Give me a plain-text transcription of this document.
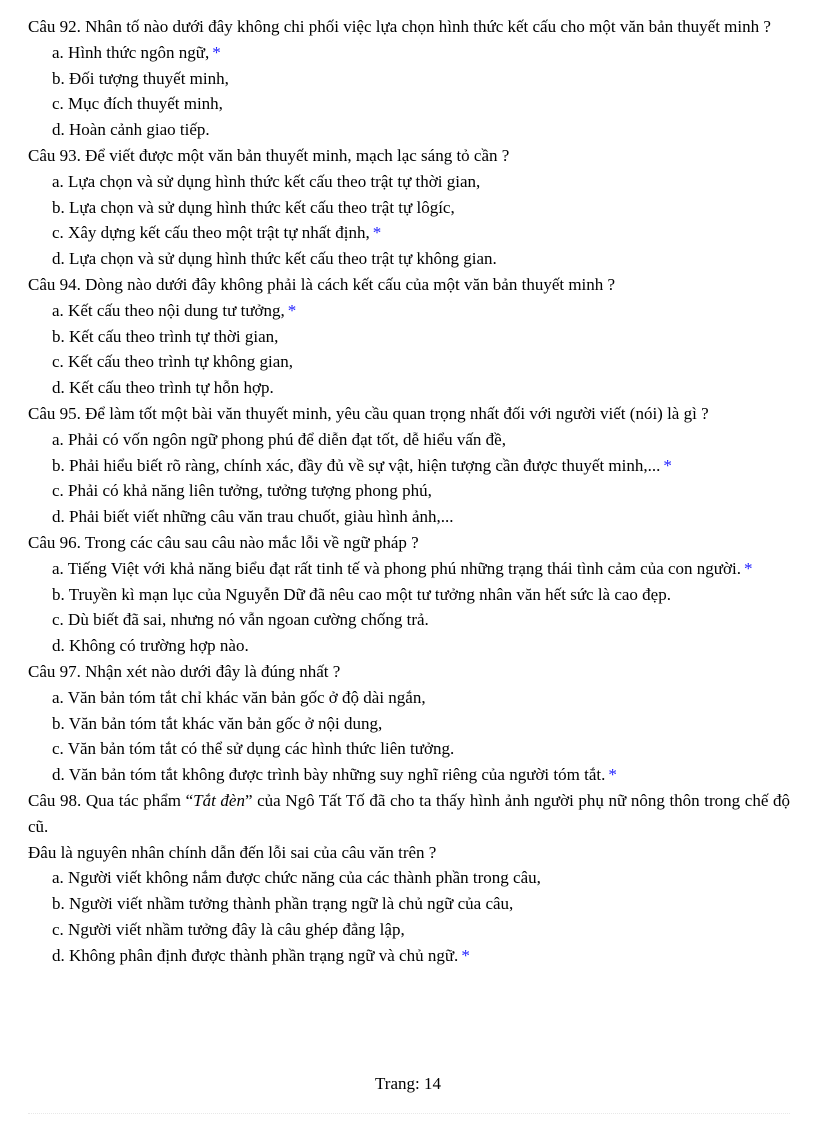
Câu 92. Nhân tố nào dưới đây không chi phối việc lựa chọn hình thức kết cấu cho một văn bản thuyết minh ?
a. Hình thức ngôn ngữ, *
b. Đối tượng thuyết minh,
c. Mục đích thuyết minh,
d. Hoàn cảnh giao tiếp.
Câu 93. Để viết được một văn bản thuyết minh, mạch lạc sáng tỏ cần ?
a. Lựa chọn và sử dụng hình thức kết cấu theo trật tự thời gian,
b. Lựa chọn và sử dụng hình thức kết cấu theo trật tự lôgíc,
c. Xây dựng kết cấu theo một trật tự nhất định, *
d. Lựa chọn và sử dụng hình thức kết cấu theo trật tự không gian.
Câu 94. Dòng nào dưới đây không phải là cách kết cấu của một văn bản thuyết minh ?
a. Kết cấu theo nội dung tư tưởng, *
b. Kết cấu theo trình tự thời gian,
c. Kết cấu theo trình tự không gian,
d. Kết cấu theo trình tự hỗn hợp.
Câu 95. Để làm tốt một bài văn thuyết minh, yêu cầu quan trọng nhất đối với người viết (nói) là gì ?
a. Phải có vốn ngôn ngữ phong phú để diễn đạt tốt, dễ hiểu vấn đề,
b. Phải hiểu biết rõ ràng, chính xác, đầy đủ về sự vật, hiện tượng cần được thuyết minh,... *
c. Phải có khả năng liên tưởng, tưởng tượng phong phú,
d. Phải biết viết những câu văn trau chuốt, giàu hình ảnh,...
Câu 96. Trong các câu sau câu nào mắc lỗi về ngữ pháp ?
a. Tiếng Việt với khả năng biểu đạt rất tinh tế và phong phú những trạng thái tình cảm của con người. *
b. Truyền kì mạn lục của Nguyễn Dữ đã nêu cao một tư tưởng nhân văn hết sức là cao đẹp.
c. Dù biết đã sai, nhưng nó vẫn ngoan cường chống trả.
d. Không có trường hợp nào.
Câu 97. Nhận xét nào dưới đây là đúng nhất ?
a. Văn bản tóm tắt chỉ khác văn bản gốc ở độ dài ngắn,
b. Văn bản tóm tắt khác văn bản gốc ở nội dung,
c. Văn bản tóm tắt có thể sử dụng các hình thức liên tưởng.
d. Văn bản tóm tắt không được trình bày những suy nghĩ riêng của người tóm tắt. *
Câu 98. Qua tác phẩm “Tắt đèn” của Ngô Tất Tố đã cho ta thấy hình ảnh người phụ nữ nông thôn trong chế độ cũ.
Đâu là nguyên nhân chính dẫn đến lỗi sai của câu văn trên ?
a. Người viết không nắm được chức năng của các thành phần trong câu,
b. Người viết nhầm tưởng thành phần trạng ngữ là chủ ngữ của câu,
c. Người viết nhầm tưởng đây là câu ghép đẳng lập,
d. Không phân định được thành phần trạng ngữ và chủ ngữ. *
Trang: 14
